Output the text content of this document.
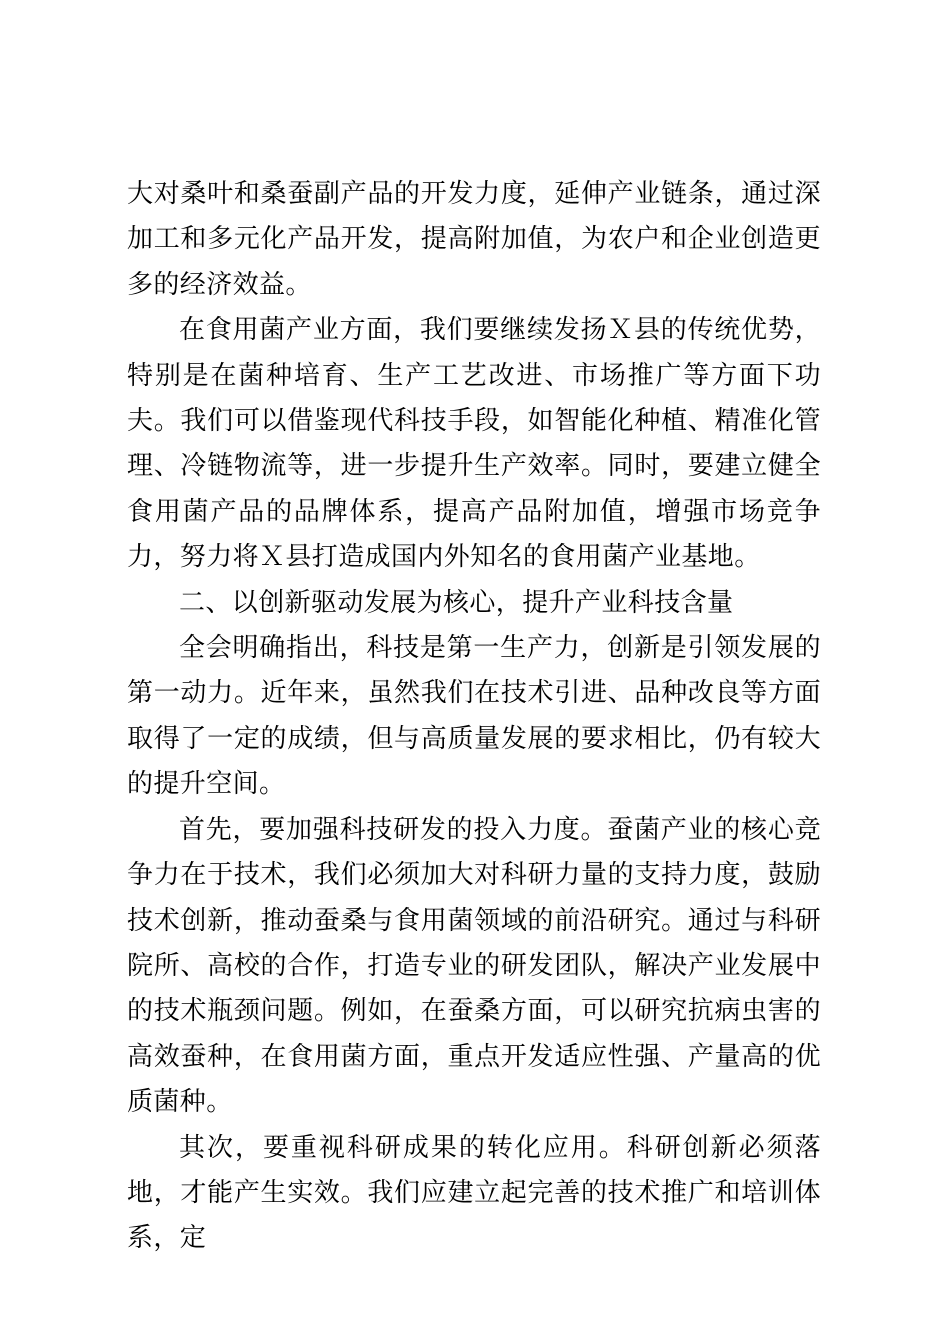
大对桑叶和桑蚕副产品的开发力度，延伸产业链条，通过深加工和多元化产品开发，提高附加值，为农户和企业创造更多的经济效益。

在食用菌产业方面，我们要继续发扬Ｘ县的传统优势，特别是在菌种培育、生产工艺改进、市场推广等方面下功夫。我们可以借鉴现代科技手段，如智能化种植、精准化管理、冷链物流等，进一步提升生产效率。同时，要建立健全食用菌产品的品牌体系，提高产品附加值，增强市场竞争力，努力将Ｘ县打造成国内外知名的食用菌产业基地。

二、以创新驱动发展为核心，提升产业科技含量

全会明确指出，科技是第一生产力，创新是引领发展的第一动力。近年来，虽然我们在技术引进、品种改良等方面取得了一定的成绩，但与高质量发展的要求相比，仍有较大的提升空间。

首先，要加强科技研发的投入力度。蚕菌产业的核心竞争力在于技术，我们必须加大对科研力量的支持力度，鼓励技术创新，推动蚕桑与食用菌领域的前沿研究。通过与科研院所、高校的合作，打造专业的研发团队，解决产业发展中的技术瓶颈问题。例如，在蚕桑方面，可以研究抗病虫害的高效蚕种，在食用菌方面，重点开发适应性强、产量高的优质菌种。

其次，要重视科研成果的转化应用。科研创新必须落地，才能产生实效。我们应建立起完善的技术推广和培训体系，定
